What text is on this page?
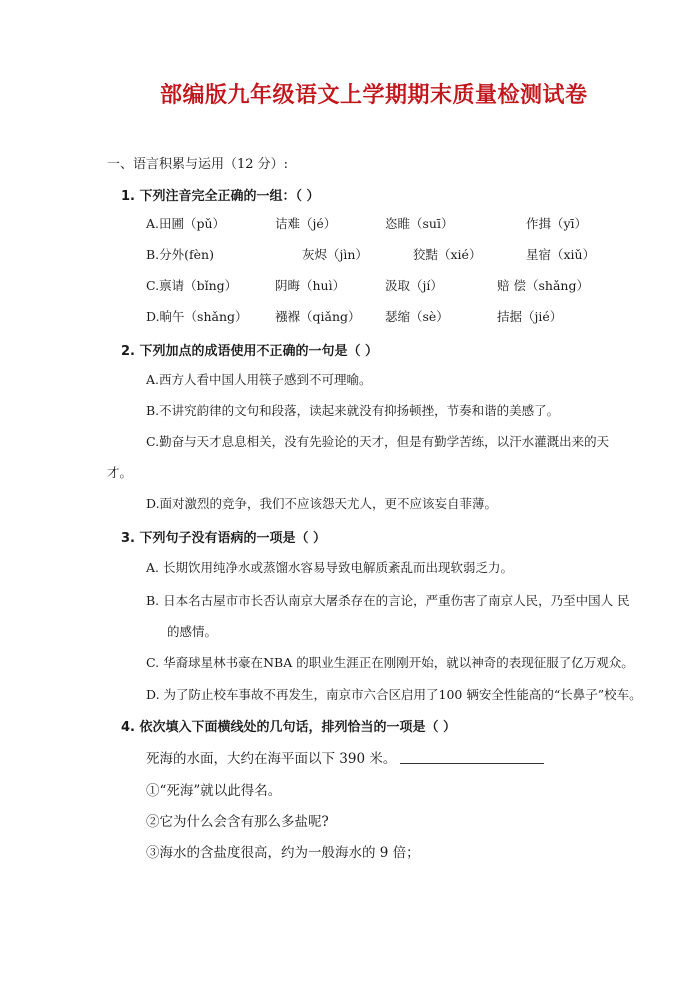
部编版九年级语文上学期期末质量检测试卷
一、语言积累与运用（12 分）:
1. 下列注音完全正确的一组：（ ）
A.田圃（pǔ）	诘难（jé）	恣睢（suī）	作揖（yī）
B.分外(fèn)	灰烬（jìn）	狡黠（xié）	星宿（xiǔ）
C.禀请（bǐng）	阴晦（huì）	汲取（jí）	赔 偿（shǎng）
D.晌午（shǎng） 襁褓（qiǎng） 瑟缩（sè）	拮据（jié）
2. 下列加点的成语使用不正确的一句是（ ）
A.西方人看中国人用筷子感到不可理喻。
B.不讲究韵律的文句和段落，读起来就没有抑扬顿挫，节奏和谐的美感了。
C.勤奋与天才息息相关，没有先验论的天才，但是有勤学苦练，以汗水灌溉出来的天
才。
D.面对激烈的竞争，我们不应该怨天尤人，更不应该妄自菲薄。
3. 下列句子没有语病的一项是（ ）
A. 长期饮用纯净水或蒸馏水容易导致电解质紊乱而出现软弱乏力。
B. 日本名古屋市市长否认南京大屠杀存在的言论，严重伤害了南京人民，乃至中国人 民
的感情。
C. 华裔球星林书豪在NBA 的职业生涯正在刚刚开始，就以神奇的表现征服了亿万观众。
D. 为了防止校车事故不再发生，南京市六合区启用了100 辆安全性能高的“长鼻子”校车。
4. 依次填入下面横线处的几句话，排列恰当的一项是（ ）
死海的水面，大约在海平面以下 390 米。
①“死海”就以此得名。
②它为什么会含有那么多盐呢?
③海水的含盐度很高，约为一般海水的 9 倍；
